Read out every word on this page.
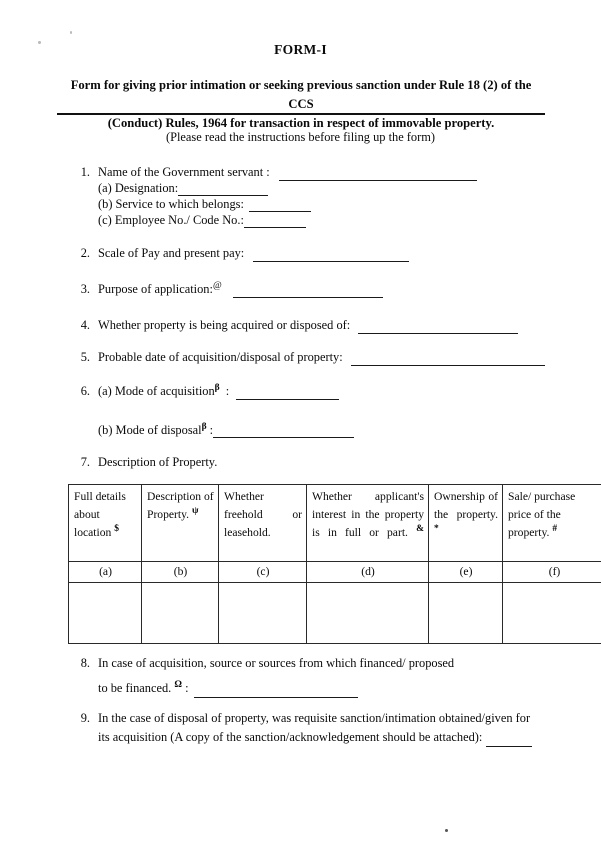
FORM-I
Form for giving prior intimation or seeking previous sanction under Rule 18 (2) of the CCS
(Conduct) Rules, 1964 for transaction in respect of immovable property.
(Please read the instructions before filing up the form)
1. Name of the Government servant :
(a) Designation:
(b) Service to which belongs:
(c) Employee No./ Code No.:
2. Scale of Pay and present pay:
3. Purpose of application:@
4. Whether property is being acquired or disposed of:
5. Probable date of acquisition/disposal of property:
6. (a) Mode of acquisition$^\beta$ :
(b) Mode of disposal$^\beta$ :
7. Description of Property.
Full details about location $	Description of Property. $^\psi$	Whether freehold or leasehold.	Whether applicant's interest in the property is in full or part. &	Ownership of the property. *	Sale/ purchase price of the property. #
(a)	(b)	(c)	(d)	(e)	(f)

8. In case of acquisition, source or sources from which financed/ proposed
to be financed. $^\Omega$ :
9. In the case of disposal of property, was requisite sanction/intimation obtained/given for
its acquisition (A copy of the sanction/acknowledgement should be attached):
